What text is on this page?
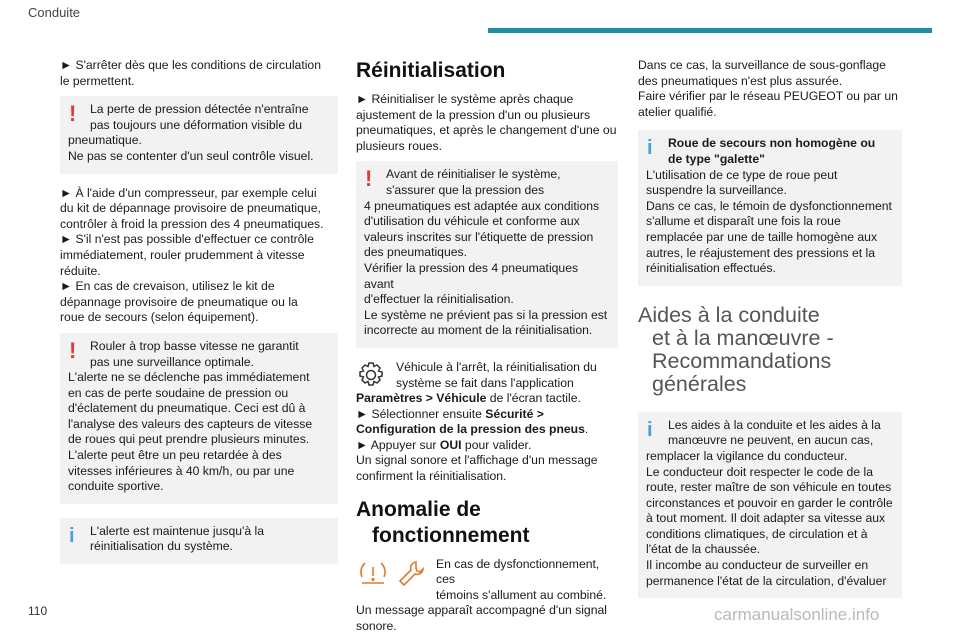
Conduite
► S'arrêter dès que les conditions de circulation
le permettent.
!	La perte de pression détectée n'entraîne
pas toujours une déformation visible du
pneumatique.
Ne pas se contenter d'un seul contrôle visuel.
► À l'aide d'un compresseur, par exemple celui
du kit de dépannage provisoire de pneumatique,
contrôler à froid la pression des 4 pneumatiques.
► S'il n'est pas possible d'effectuer ce contrôle
immédiatement, rouler prudemment à vitesse
réduite.
► En cas de crevaison, utilisez le kit de
dépannage provisoire de pneumatique ou la
roue de secours (selon équipement).
!	Rouler à trop basse vitesse ne garantit
pas une surveillance optimale.
L'alerte ne se déclenche pas immédiatement
en cas de perte soudaine de pression ou
d'éclatement du pneumatique. Ceci est dû à
l'analyse des valeurs des capteurs de vitesse
de roues qui peut prendre plusieurs minutes.
L'alerte peut être un peu retardée à des
vitesses inférieures à 40 km/h, ou par une
conduite sportive.
i	L'alerte est maintenue jusqu'à la
réinitialisation du système.
Réinitialisation
► Réinitialiser le système après chaque
ajustement de la pression d'un ou plusieurs
pneumatiques, et après le changement d'une ou
plusieurs roues.
!	Avant de réinitialiser le système,
s'assurer que la pression des
4 pneumatiques est adaptée aux conditions
d'utilisation du véhicule et conforme aux
valeurs inscrites sur l'étiquette de pression
des pneumatiques.
Vérifier la pression des 4 pneumatiques avant
d'effectuer la réinitialisation.
Le système ne prévient pas si la pression est
incorrecte au moment de la réinitialisation.
Véhicule à l'arrêt, la réinitialisation du
système se fait dans l'application
Paramètres > Véhicule de l'écran tactile.
► Sélectionner ensuite Sécurité >
Configuration de la pression des pneus.
► Appuyer sur OUI pour valider.
Un signal sonore et l'affichage d'un message
confirment la réinitialisation.
Anomalie de
fonctionnement
En cas de dysfonctionnement, ces
témoins s'allument au combiné.
Un message apparaît accompagné d'un signal
sonore.
Dans ce cas, la surveillance de sous-gonflage
des pneumatiques n'est plus assurée.
Faire vérifier par le réseau PEUGEOT ou par un
atelier qualifié.
i	Roue de secours non homogène ou
de type "galette"
L'utilisation de ce type de roue peut
suspendre la surveillance.
Dans ce cas, le témoin de dysfonctionnement
s'allume et disparaît une fois la roue
remplacée par une de taille homogène aux
autres, le réajustement des pressions et la
réinitialisation effectués.
Aides à la conduite
et à la manœuvre -
Recommandations
générales
i	Les aides à la conduite et les aides à la
manœuvre ne peuvent, en aucun cas,
remplacer la vigilance du conducteur.
Le conducteur doit respecter le code de la
route, rester maître de son véhicule en toutes
circonstances et pouvoir en garder le contrôle
à tout moment. Il doit adapter sa vitesse aux
conditions climatiques, de circulation et à
l'état de la chaussée.
Il incombe au conducteur de surveiller en
permanence l'état de la circulation, d'évaluer
110	carmanualsonline.info
